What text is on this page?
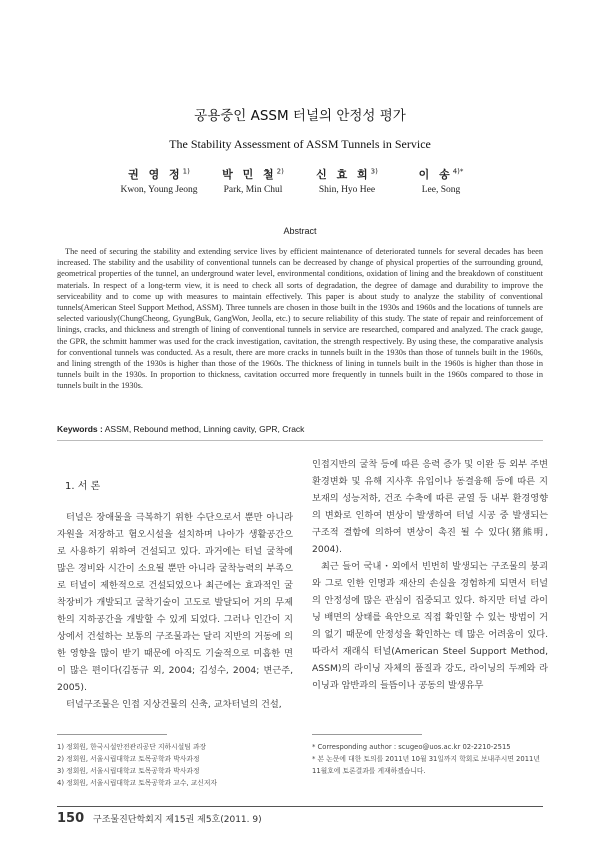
공용중인 ASSM 터널의 안정성 평가
The Stability Assessment of ASSM Tunnels in Service
권 영 정$^{1)}$
Kwon, Young Jeong
박 민 철$^{2)}$
Park, Min Chul
신 효 희$^{3)}$
Shin, Hyo Hee
이 송$^{4)*}$
Lee, Song
Abstract
The need of securing the stability and extending service lives by efficient maintenance of deteriorated tunnels for several decades has been increased. The stability and the usability of conventional tunnels can be decreased by change of physical properties of the surrounding ground, geometrical properties of the tunnel, an underground water level, environmental conditions, oxidation of lining and the breakdown of constituent materials. In respect of a long-term view, it is need to check all sorts of degradation, the degree of damage and durability to improve the serviceability and to come up with measures to maintain effectively. This paper is about study to analyze the stability of conventional tunnels(American Steel Support Method, ASSM). Three tunnels are chosen in those built in the 1930s and 1960s and the locations of tunnels are selected variously(ChungCheong, GyungBuk, GangWon, Jeolla, etc.) to secure reliability of this study. The state of repair and reinforcement of linings, cracks, and thickness and strength of lining of conventional tunnels in service are researched, compared and analyzed. The crack gauge, the GPR, the schmitt hammer was used for the crack investigation, cavitation, the strength respectively. By using these, the comparative analysis for conventional tunnels was conducted. As a result, there are more cracks in tunnels built in the 1930s than those of tunnels built in the 1960s, and lining strength of the 1930s is higher than those of the 1960s. The thickness of lining in tunnels built in the 1960s is higher than those in tunnels built in the 1930s. In proportion to thickness, cavitation occurred more frequently in tunnels built in the 1960s compared to those in tunnels built in the 1930s.
Keywords : ASSM, Rebound method, Linning cavity, GPR, Crack
1. 서 론

터널은 장애물을 극복하기 위한 수단으로서 뿐만 아니라 자원을 저장하고 혐오시설을 설치하며 나아가 생활공간으로 사용하기 위하여 건설되고 있다. 과거에는 터널 굴착에 많은 경비와 시간이 소요될 뿐만 아니라 굴착능력의 부족으로 터널이 제한적으로 건설되었으나 최근에는 효과적인 굴착장비가 개발되고 굴착기술이 고도로 발달되어 거의 무제한의 지하공간을 개발할 수 있게 되었다. 그러나 인간이 지상에서 건설하는 보통의 구조물과는 달리 지반의 거동에 의한 영향을 많이 받기 때문에 아직도 기술적으로 미흡한 면이 많은 편이다(김동규 외, 2004; 김성수, 2004; 변근주, 2005).

터널구조물은 인접 지상건물의 신축, 교차터널의 건설,

인접지반의 굴착 등에 따른 응력 증가 및 이완 등 외부 주변 환경변화 및 유해 지사후 유입이나 동결융해 등에 따른 지보재의 성능저하, 건조 수축에 따른 균열 등 내부 환경영향의 변화로 인하여 변상이 발생하여 터널 시공 중 발생되는 구조적 결함에 의하여 변상이 촉진 될 수 있다(猪熊明, 2004).

최근 들어 국내・외에서 빈번히 발생되는 구조물의 붕괴와 그로 인한 인명과 재산의 손실을 경험하게 되면서 터널의 안정성에 많은 관심이 집중되고 있다. 하지만 터널 라이닝 배면의 상태를 육안으로 직접 확인할 수 있는 방법이 거의 없기 때문에 안정성을 확인하는 데 많은 어려움이 있다. 따라서 재래식 터널(American Steel Support Method, ASSM)의 라이닝 자체의 품질과 강도, 라이닝의 두께와 라이닝과 암반과의 들뜸이나 공동의 발생유무

1) 정회원, 한국시설안전관리공단 지하시설팀 과장
2) 정회원, 서울시립대학교 토목공학과 박사과정
3) 정회원, 서울시립대학교 토목공학과 박사과정
4) 정회원, 서울시립대학교 토목공학과 교수, 교신저자
* Corresponding author : scugeo@uos.ac.kr 02-2210-2515
* 본 논문에 대한 토의를 2011년 10월 31일까지 학회로 보내주시면 2011년 11월호에 토론결과를 게재하겠습니다.
150 구조물진단학회지 제15권 제5호(2011. 9)
